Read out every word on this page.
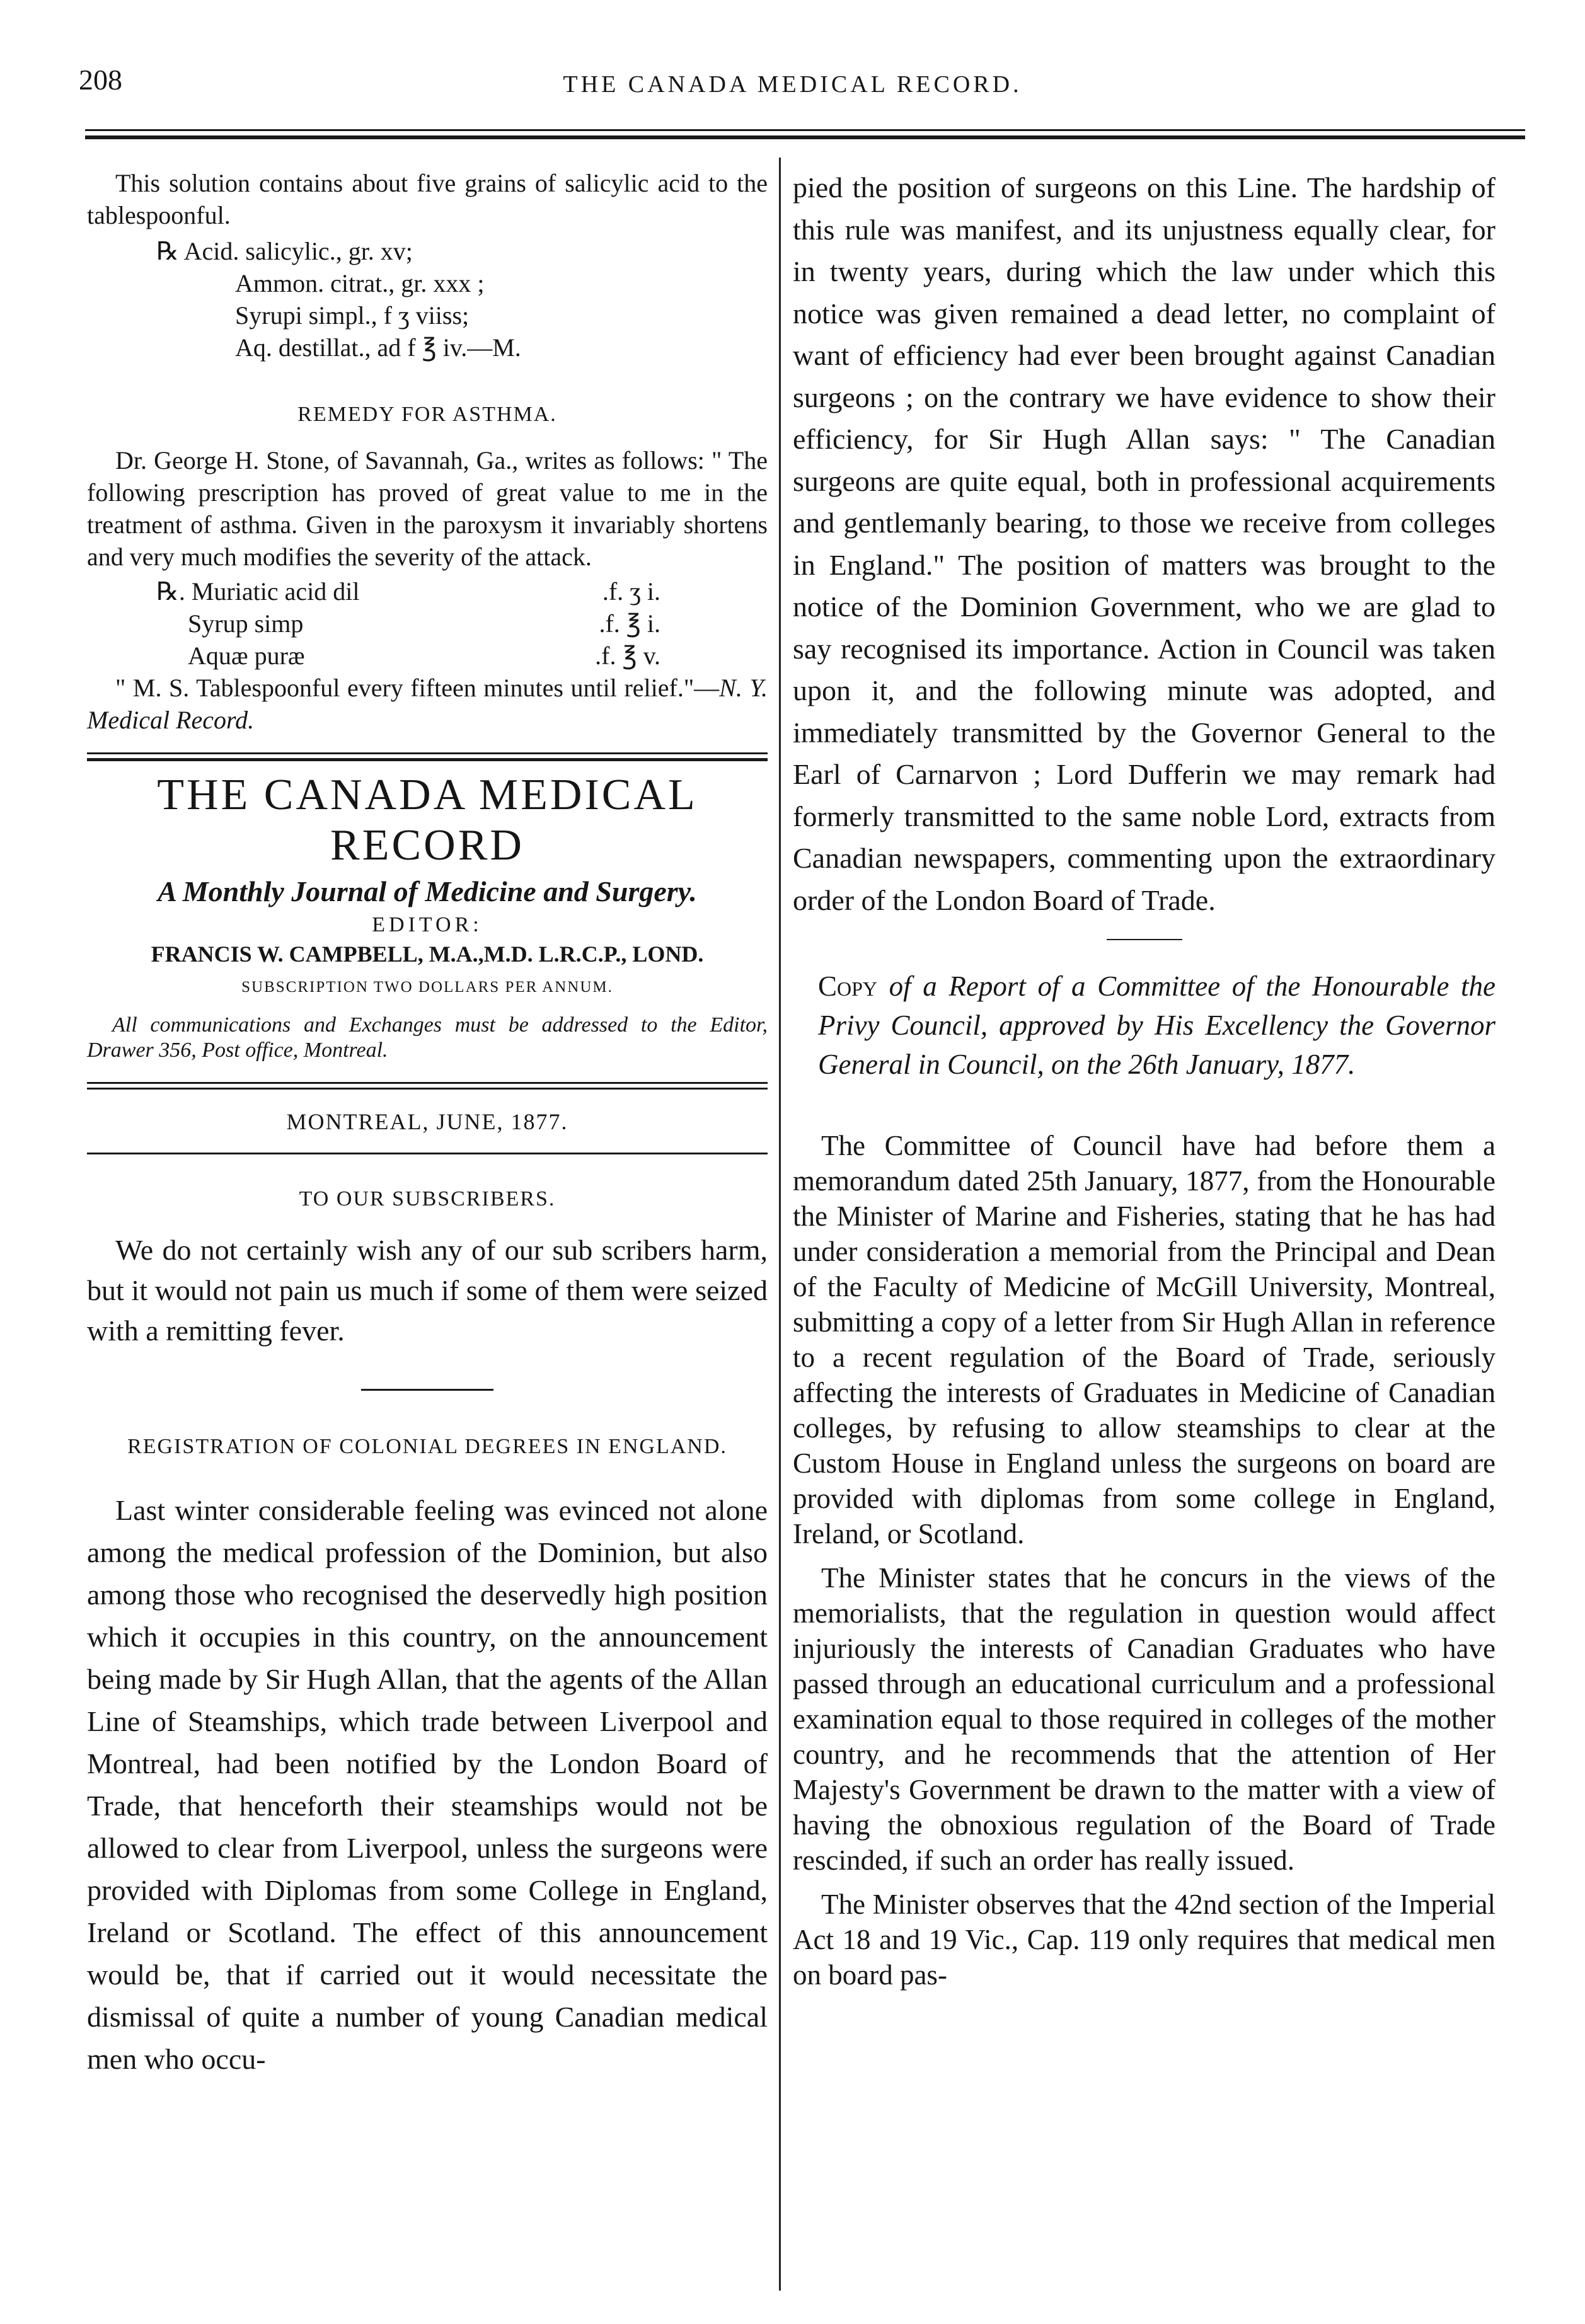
208	THE CANADA MEDICAL RECORD.

This solution contains about five grains of salicylic acid to the tablespoonful.

℞ Acid. salicylic., gr. xv;
Ammon. citrat., gr. xxx ;
Syrupi simpl., f ʒ viiss;
Aq. destillat., ad f ℥ iv.—M.
REMEDY FOR ASTHMA.

Dr. George H. Stone, of Savannah, Ga., writes as follows: " The following prescription has proved of great value to me in the treatment of asthma. Given in the paroxysm it invariably shortens and very much modifies the severity of the attack.

℞. Muriatic acid dil	.f. ʒ i.
Syrup simp	.f. ℥ i.
Aquæ puræ	.f. ℥ v.

" M. S. Tablespoonful every fifteen minutes until relief."—N. Y. Medical Record.

THE CANADA MEDICAL RECORD
A Monthly Journal of Medicine and Surgery.
EDITOR:
FRANCIS W. CAMPBELL, M.A.,M.D. L.R.C.P., LOND.
SUBSCRIPTION TWO DOLLARS PER ANNUM.

All communications and Exchanges must be addressed to the Editor, Drawer 356, Post office, Montreal.

MONTREAL, JUNE, 1877.
TO OUR SUBSCRIBERS.

We do not certainly wish any of our sub scribers harm, but it would not pain us much if some of them were seized with a remitting fever.

REGISTRATION OF COLONIAL DEGREES IN ENGLAND.

Last winter considerable feeling was evinced not alone among the medical profession of the Dominion, but also among those who recognised the deservedly high position which it occupies in this country, on the announcement being made by Sir Hugh Allan, that the agents of the Allan Line of Steamships, which trade between Liverpool and Montreal, had been notified by the London Board of Trade, that henceforth their steamships would not be allowed to clear from Liverpool, unless the surgeons were provided with Diplomas from some College in England, Ireland or Scotland. The effect of this announcement would be, that if carried out it would necessitate the dismissal of quite a number of young Canadian medical men who occu-

pied the position of surgeons on this Line. The hardship of this rule was manifest, and its unjustness equally clear, for in twenty years, during which the law under which this notice was given remained a dead letter, no complaint of want of efficiency had ever been brought against Canadian surgeons ; on the contrary we have evidence to show their efficiency, for Sir Hugh Allan says: " The Canadian surgeons are quite equal, both in professional acquirements and gentlemanly bearing, to those we receive from colleges in England." The position of matters was brought to the notice of the Dominion Government, who we are glad to say recognised its importance. Action in Council was taken upon it, and the following minute was adopted, and immediately transmitted by the Governor General to the Earl of Carnarvon ; Lord Dufferin we may remark had formerly transmitted to the same noble Lord, extracts from Canadian newspapers, commenting upon the extraordinary order of the London Board of Trade.

Copy of a Report of a Committee of the Honourable the Privy Council, approved by His Excellency the Governor General in Council, on the 26th January, 1877.

The Committee of Council have had before them a memorandum dated 25th January, 1877, from the Honourable the Minister of Marine and Fisheries, stating that he has had under consideration a memorial from the Principal and Dean of the Faculty of Medicine of McGill University, Montreal, submitting a copy of a letter from Sir Hugh Allan in reference to a recent regulation of the Board of Trade, seriously affecting the interests of Graduates in Medicine of Canadian colleges, by refusing to allow steamships to clear at the Custom House in England unless the surgeons on board are provided with diplomas from some college in England, Ireland, or Scotland.

The Minister states that he concurs in the views of the memorialists, that the regulation in question would affect injuriously the interests of Canadian Graduates who have passed through an educational curriculum and a professional examination equal to those required in colleges of the mother country, and he recommends that the attention of Her Majesty's Government be drawn to the matter with a view of having the obnoxious regulation of the Board of Trade rescinded, if such an order has really issued.

The Minister observes that the 42nd section of the Imperial Act 18 and 19 Vic., Cap. 119 only requires that medical men on board pas-
